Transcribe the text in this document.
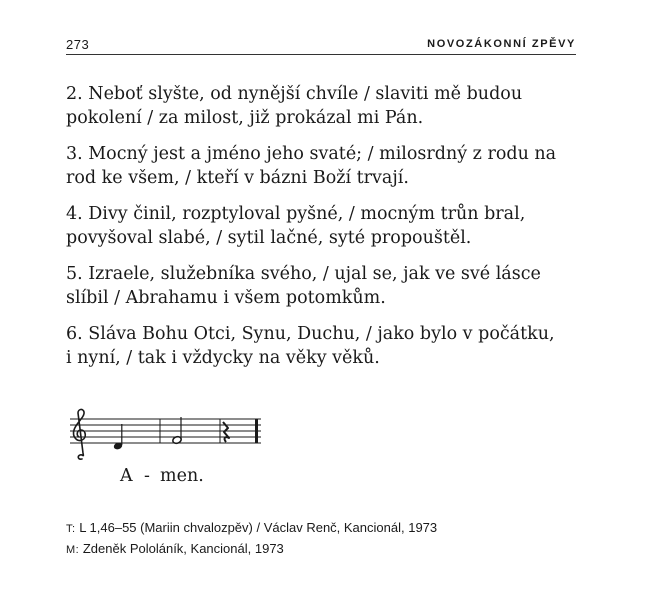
273	NOVOZÁKONNÍ ZPĚVY
2. Neboť slyšte, od nynější chvíle / slaviti mě budou
pokolení / za milost, již prokázal mi Pán.
3. Mocný jest a jméno jeho svaté; / milosrdný z rodu na
rod ke všem, / kteří v bázni Boží trvají.
4. Divy činil, rozptyloval pyšné, / mocným trůn bral,
povyšoval slabé, / sytil lačné, syté propouštěl.
5. Izraele, služebníka svého, / ujal se, jak ve své lásce
slíbil / Abrahamu i všem potomkům.
6. Sláva Bohu Otci, Synu, Duchu, / jako bylo v počátku,
i nyní, / tak i vždycky na věky věků.
A - men.
T: L 1,46–55 (Mariin chvalozpěv) / Václav Renč, Kancionál, 1973
M: Zdeněk Pololáník, Kancionál, 1973
